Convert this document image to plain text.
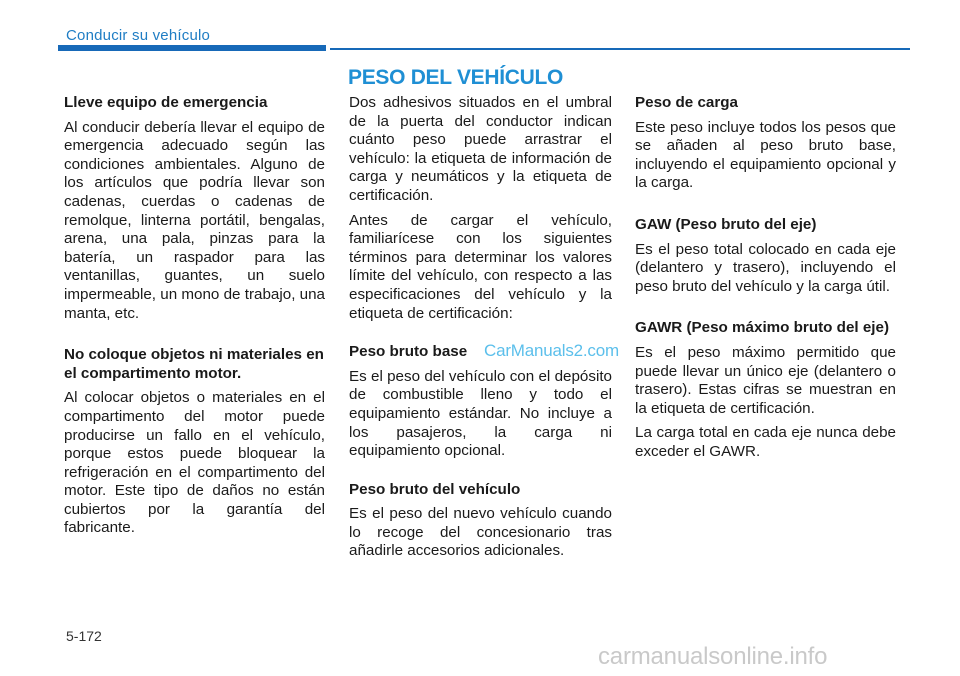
Conducir su vehículo
PESO DEL VEHÍCULO
Lleve equipo de emergencia

Al conducir debería llevar el equipo de emergencia adecuado según las condiciones ambientales. Alguno de los artículos que podría llevar son cadenas, cuerdas o cadenas de remolque, linterna portátil, bengalas, arena, una pala, pinzas para la batería, un raspador para las ventanillas, guantes, un suelo impermeable, un mono de trabajo, una manta, etc.

No coloque objetos ni materiales en el compartimento motor.

Al colocar objetos o materiales en el compartimento del motor puede producirse un fallo en el vehículo, porque estos puede bloquear la refrigeración en el compartimento del motor. Este tipo de daños no están cubiertos por la garantía del fabricante.

Dos adhesivos situados en el umbral de la puerta del conductor indican cuánto peso puede arrastrar el vehículo: la etiqueta de información de carga y neumáticos y la etiqueta de certificación.

Antes de cargar el vehículo, familiarícese con los siguientes términos para determinar los valores límite del vehículo, con respecto a las especificaciones del vehículo y la etiqueta de certificación:

Peso bruto base

Es el peso del vehículo con el depósito de combustible lleno y todo el equipamiento estándar. No incluye a los pasajeros, la carga ni equipamiento opcional.

Peso bruto del vehículo

Es el peso del nuevo vehículo cuando lo recoge del concesionario tras añadirle accesorios adicionales.

Peso de carga

Este peso incluye todos los pesos que se añaden al peso bruto base, incluyendo el equipamiento opcional y la carga.

GAW (Peso bruto del eje)

Es el peso total colocado en cada eje (delantero y trasero), incluyendo el peso bruto del vehículo y la carga útil.

GAWR (Peso máximo bruto del eje)

Es el peso máximo permitido que puede llevar un único eje (delantero o trasero). Estas cifras se muestran en la etiqueta de certificación.

La carga total en cada eje nunca debe exceder el GAWR.

CarManuals2.com
5-172
carmanualsonline.info
